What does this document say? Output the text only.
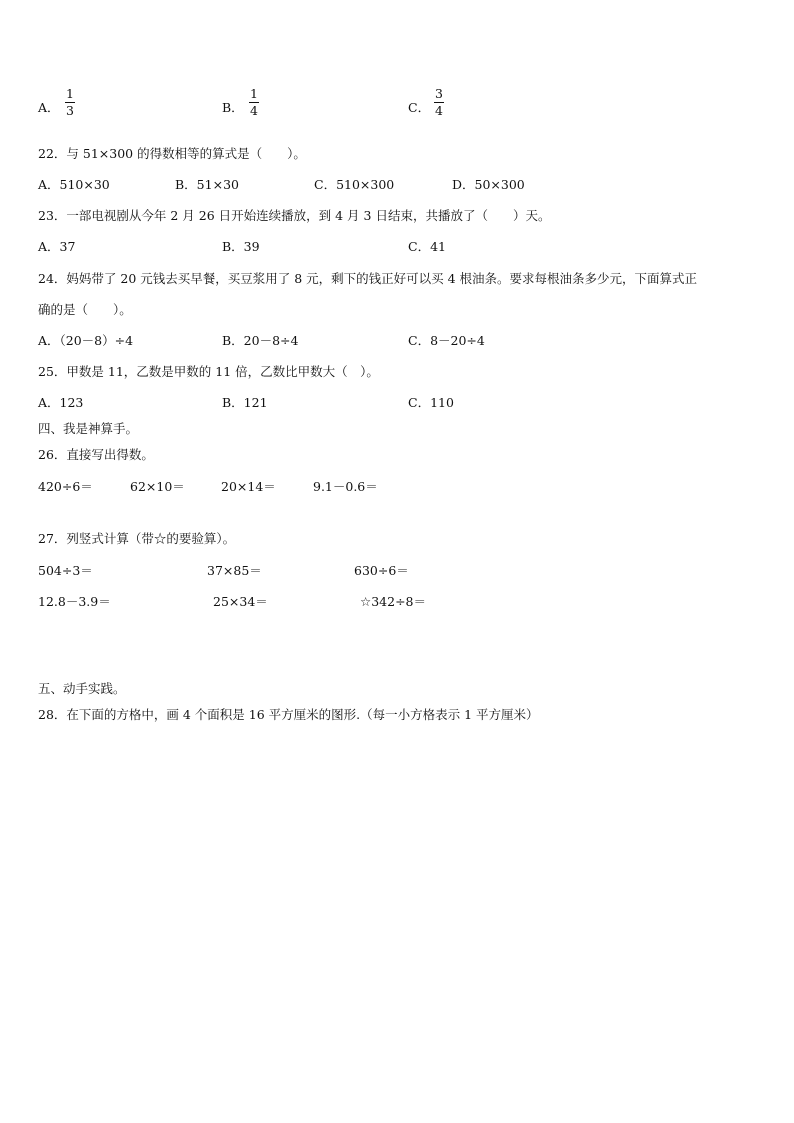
A．
1
3	B．
1
4	C．
3
4
22．与 51×300 的得数相等的算式是（　　）。
A．510×30	B．51×30	C．510×300	D．50×300
23．一部电视剧从今年 2 月 26 日开始连续播放，到 4 月 3 日结束，共播放了（　　）天。
A．37	B．39	C．41
24．妈妈带了 20 元钱去买早餐，买豆浆用了 8 元，剩下的钱正好可以买 4 根油条。要求每根油条多少元，下面算式正
确的是（　　）。
A．（20－8）÷4	B．20－8÷4	C．8－20÷4
25．甲数是 11，乙数是甲数的 11 倍，乙数比甲数大（　）。
A．123	B．121	C．110
四、我是神算手。
26．直接写出得数。
420÷6＝	62×10＝	20×14＝	9.1－0.6＝
27．列竖式计算（带☆的要验算）。
504÷3＝	37×85＝	630÷6＝
12.8－3.9＝	25×34＝	☆342÷8＝
五、动手实践。
28．在下面的方格中，画 4 个面积是 16 平方厘米的图形.（每一小方格表示 1 平方厘米）
